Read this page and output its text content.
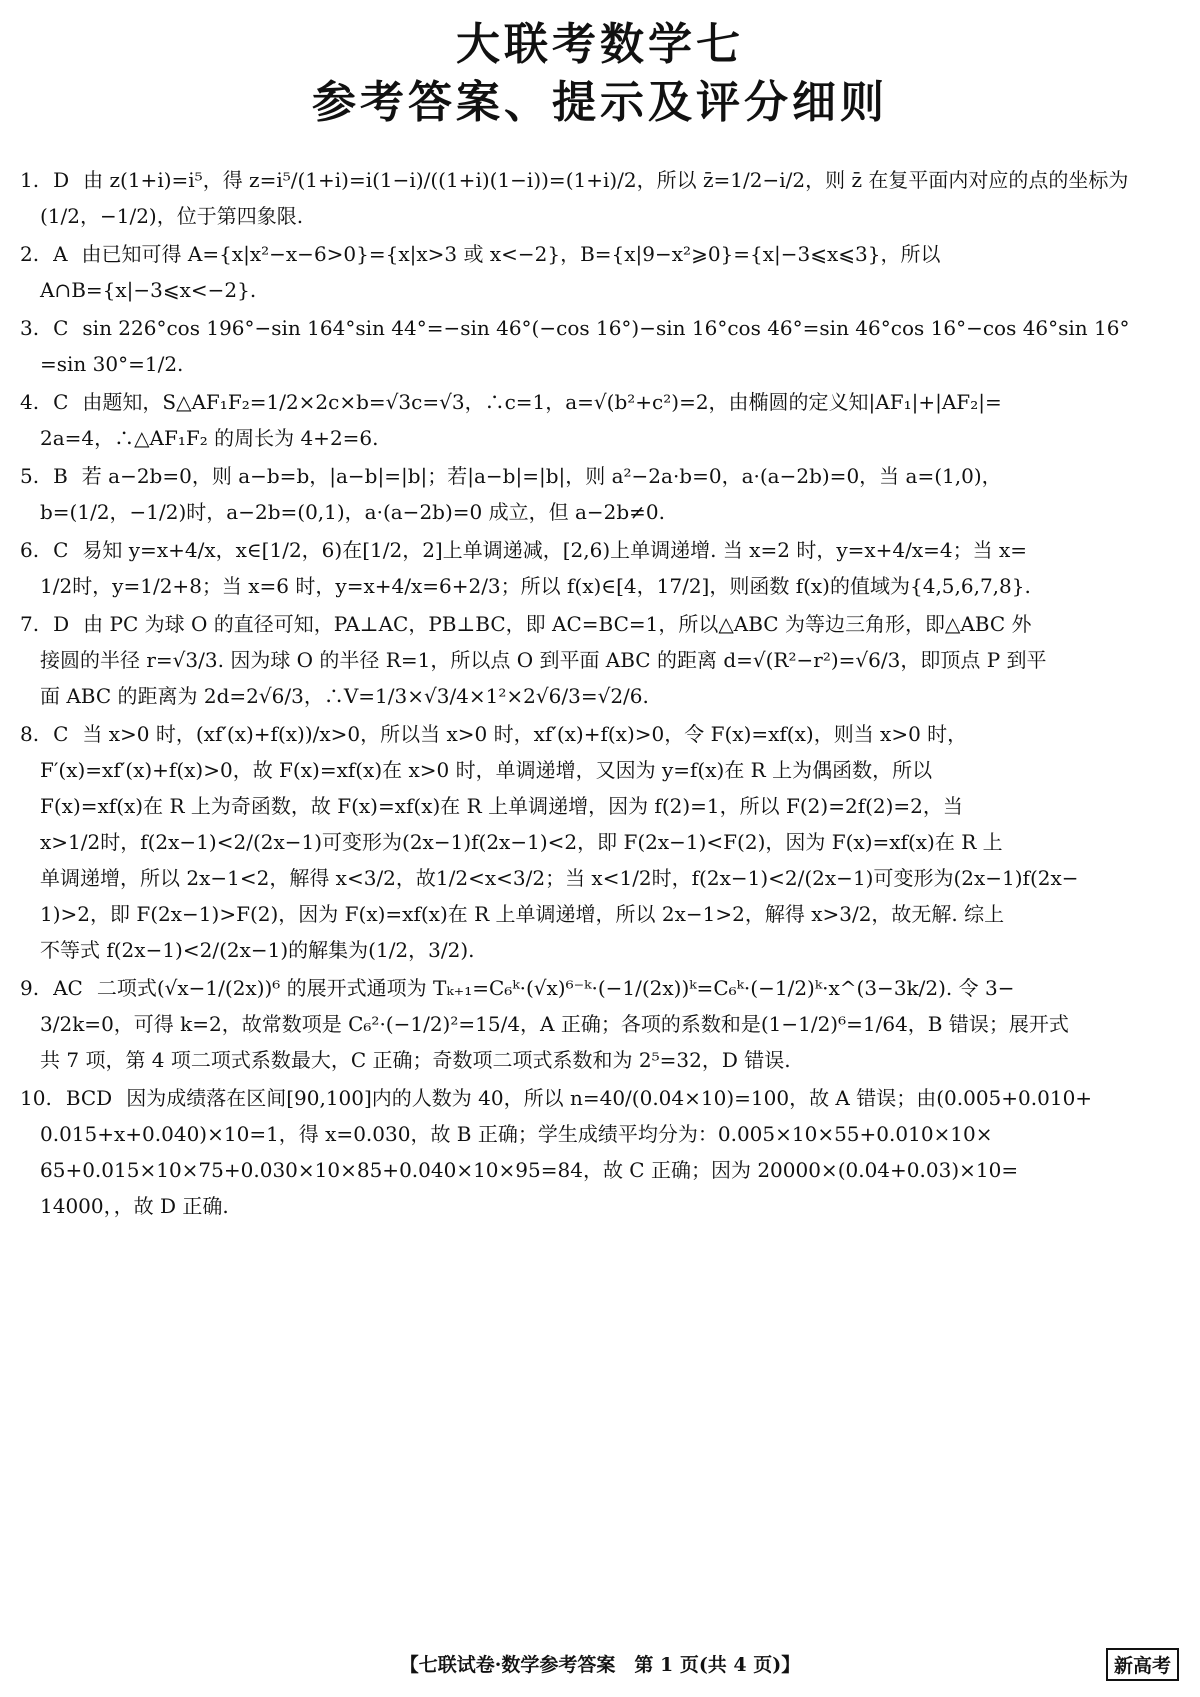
大联考数学七
参考答案、提示及评分细则

1. D 由 z(1+i)=i⁵，得 z=i⁵/(1+i)=i(1−i)/((1+i)(1−i))=(1+i)/2，所以 z̄=1/2−i/2，则 z̄ 在复平面内对应的点的坐标为

(1/2，−1/2)，位于第四象限.

2. A 由已知可得 A={x|x²−x−6>0}={x|x>3 或 x<−2}，B={x|9−x²⩾0}={x|−3⩽x⩽3}，所以

A∩B={x|−3⩽x<−2}.

3. C sin 226°cos 196°−sin 164°sin 44°=−sin 46°(−cos 16°)−sin 16°cos 46°=sin 46°cos 16°−cos 46°sin 16°

=sin 30°=1/2.

4. C 由题知，S△AF₁F₂=1/2×2c×b=√3c=√3，∴c=1，a=√(b²+c²)=2，由椭圆的定义知|AF₁|+|AF₂|=

2a=4，∴△AF₁F₂ 的周长为 4+2=6.

5. B 若 a−2b=0，则 a−b=b，|a−b|=|b|；若|a−b|=|b|，则 a²−2a·b=0，a·(a−2b)=0，当 a=(1,0)，

b=(1/2，−1/2)时，a−2b=(0,1)，a·(a−2b)=0 成立，但 a−2b≠0.

6. C 易知 y=x+4/x，x∈[1/2，6)在[1/2，2]上单调递减，[2,6)上单调递增. 当 x=2 时，y=x+4/x=4；当 x=

1/2时，y=1/2+8；当 x=6 时，y=x+4/x=6+2/3；所以 f(x)∈[4，17/2]，则函数 f(x)的值域为{4,5,6,7,8}.

7. D 由 PC 为球 O 的直径可知，PA⊥AC，PB⊥BC，即 AC=BC=1，所以△ABC 为等边三角形，即△ABC 外

接圆的半径 r=√3/3. 因为球 O 的半径 R=1，所以点 O 到平面 ABC 的距离 d=√(R²−r²)=√6/3，即顶点 P 到平

面 ABC 的距离为 2d=2√6/3，∴V=1/3×√3/4×1²×2√6/3=√2/6.

8. C 当 x>0 时，(xf′(x)+f(x))/x>0，所以当 x>0 时，xf′(x)+f(x)>0，令 F(x)=xf(x)，则当 x>0 时，

F′(x)=xf′(x)+f(x)>0，故 F(x)=xf(x)在 x>0 时，单调递增，又因为 y=f(x)在 R 上为偶函数，所以

F(x)=xf(x)在 R 上为奇函数，故 F(x)=xf(x)在 R 上单调递增，因为 f(2)=1，所以 F(2)=2f(2)=2，当

x>1/2时，f(2x−1)<2/(2x−1)可变形为(2x−1)f(2x−1)<2，即 F(2x−1)<F(2)，因为 F(x)=xf(x)在 R 上

单调递增，所以 2x−1<2，解得 x<3/2，故1/2<x<3/2；当 x<1/2时，f(2x−1)<2/(2x−1)可变形为(2x−1)f(2x−

1)>2，即 F(2x−1)>F(2)，因为 F(x)=xf(x)在 R 上单调递增，所以 2x−1>2，解得 x>3/2，故无解. 综上

不等式 f(2x−1)<2/(2x−1)的解集为(1/2，3/2).

9. AC 二项式(√x−1/(2x))⁶ 的展开式通项为 Tₖ₊₁=C₆ᵏ·(√x)⁶⁻ᵏ·(−1/(2x))ᵏ=C₆ᵏ·(−1/2)ᵏ·x^(3−3k/2). 令 3−

3/2k=0，可得 k=2，故常数项是 C₆²·(−1/2)²=15/4，A 正确；各项的系数和是(1−1/2)⁶=1/64，B 错误；展开式

共 7 项，第 4 项二项式系数最大，C 正确；奇数项二项式系数和为 2⁵=32，D 错误.

10. BCD 因为成绩落在区间[90,100]内的人数为 40，所以 n=40/(0.04×10)=100，故 A 错误；由(0.005+0.010+

0.015+x+0.040)×10=1，得 x=0.030，故 B 正确；学生成绩平均分为：0.005×10×55+0.010×10×

65+0.015×10×75+0.030×10×85+0.040×10×95=84，故 C 正确；因为 20000×(0.04+0.03)×10=

14000，，故 D 正确.

【七联试卷·数学参考答案　第 1 页(共 4 页)】	新高考
